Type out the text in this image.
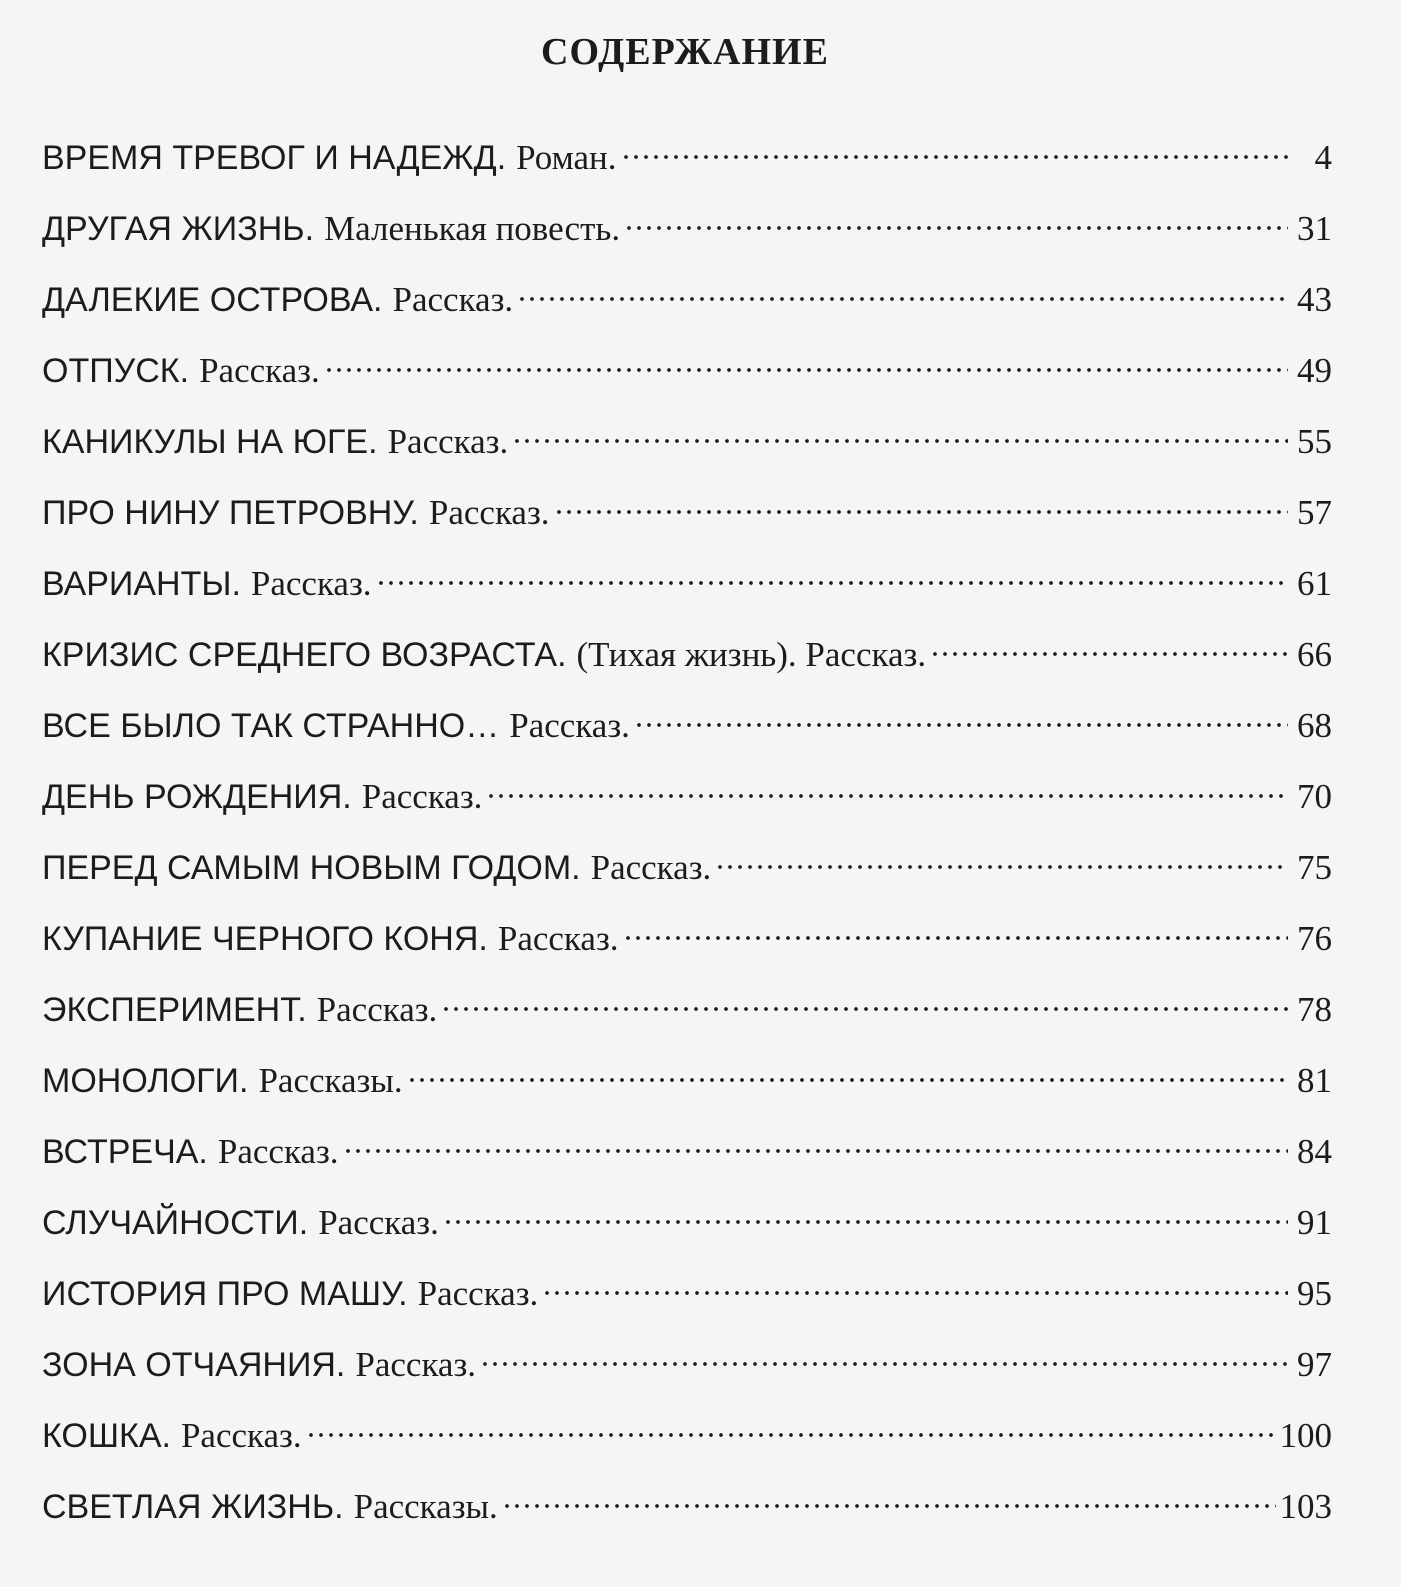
СОДЕРЖАНИЕ
ВРЕМЯ ТРЕВОГ И НАДЕЖД. Роман.	4
ДРУГАЯ ЖИЗНЬ. Маленькая повесть.	31
ДАЛЕКИЕ ОСТРОВА. Рассказ.	43
ОТПУСК. Рассказ.	49
КАНИКУЛЫ НА ЮГЕ. Рассказ.	55
ПРО НИНУ ПЕТРОВНУ. Рассказ.	57
ВАРИАНТЫ. Рассказ.	61
КРИЗИС СРЕДНЕГО ВОЗРАСТА. (Тихая жизнь). Рассказ.	66
ВСЕ БЫЛО ТАК СТРАННО… Рассказ.	68
ДЕНЬ РОЖДЕНИЯ. Рассказ.	70
ПЕРЕД САМЫМ НОВЫМ ГОДОМ. Рассказ.	75
КУПАНИЕ ЧЕРНОГО КОНЯ. Рассказ.	76
ЭКСПЕРИМЕНТ. Рассказ.	78
МОНОЛОГИ. Рассказы.	81
ВСТРЕЧА. Рассказ.	84
СЛУЧАЙНОСТИ. Рассказ.	91
ИСТОРИЯ ПРО МАШУ. Рассказ.	95
ЗОНА ОТЧАЯНИЯ. Рассказ.	97
КОШКА. Рассказ.	100
СВЕТЛАЯ ЖИЗНЬ. Рассказы.	103
